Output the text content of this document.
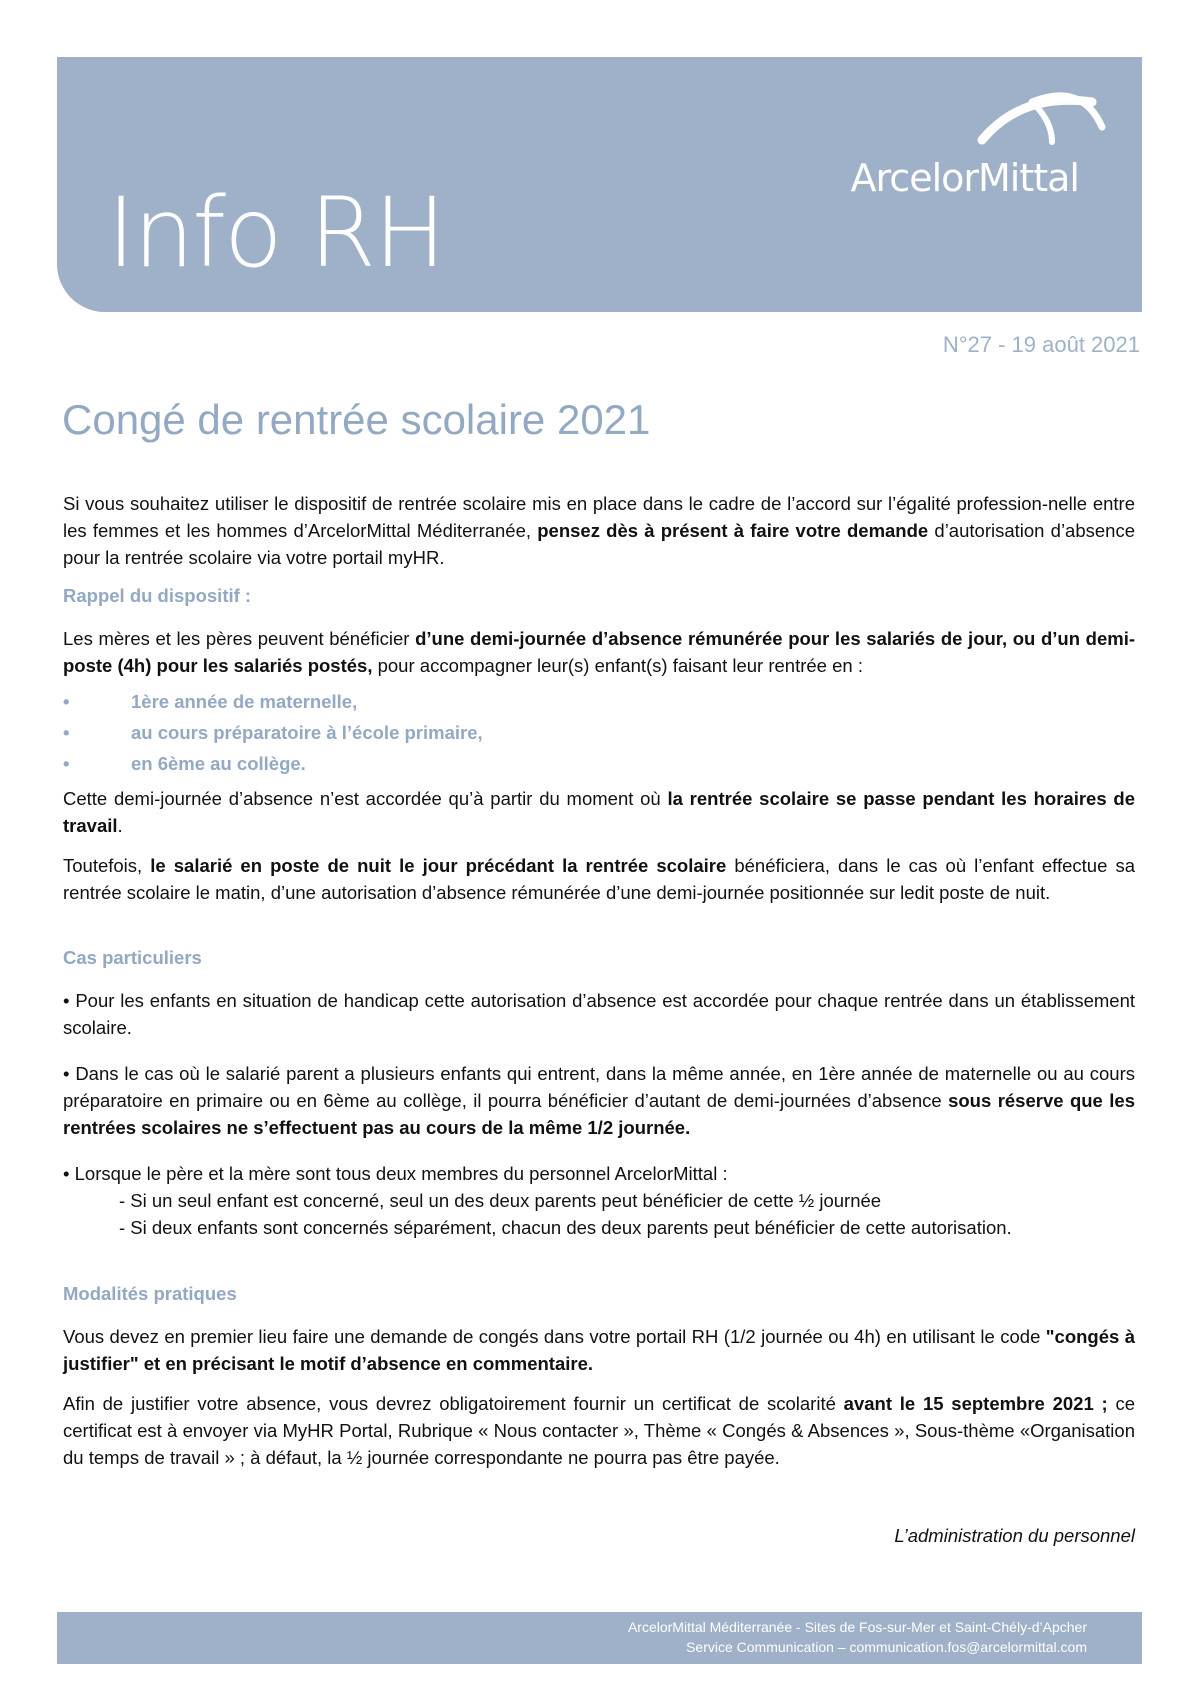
Info RH	ArcelorMittal
N°27 - 19 août 2021
Congé de rentrée scolaire 2021
Si vous souhaitez utiliser le dispositif de rentrée scolaire mis en place dans le cadre de l’accord sur l’égalité profession-nelle entre les femmes et les hommes d’ArcelorMittal Méditerranée, pensez dès à présent à faire votre demande d’autorisation d’absence pour la rentrée scolaire via votre portail myHR.
Rappel du dispositif :
Les mères et les pères peuvent bénéficier d’une demi-journée d’absence rémunérée pour les salariés de jour, ou d’un demi-poste (4h) pour les salariés postés, pour accompagner leur(s) enfant(s) faisant leur rentrée en :
•	1ère année de maternelle,
•	au cours préparatoire à l’école primaire,
•	en 6ème au collège.
Cette demi-journée d’absence n’est accordée qu’à partir du moment où la rentrée scolaire se passe pendant les horaires de travail.
Toutefois, le salarié en poste de nuit le jour précédant la rentrée scolaire bénéficiera, dans le cas où l’enfant effectue sa rentrée scolaire le matin, d’une autorisation d’absence rémunérée d’une demi-journée positionnée sur ledit poste de nuit.
Cas particuliers
• Pour les enfants en situation de handicap cette autorisation d’absence est accordée pour chaque rentrée dans un établissement scolaire.
• Dans le cas où le salarié parent a plusieurs enfants qui entrent, dans la même année, en 1ère année de maternelle ou au cours préparatoire en primaire ou en 6ème au collège, il pourra bénéficier d’autant de demi-journées d’absence sous réserve que les rentrées scolaires ne s’effectuent pas au cours de la même 1/2 journée.
• Lorsque le père et la mère sont tous deux membres du personnel ArcelorMittal :
- Si un seul enfant est concerné, seul un des deux parents peut bénéficier de cette ½ journée
- Si deux enfants sont concernés séparément, chacun des deux parents peut bénéficier de cette autorisation.
Modalités pratiques
Vous devez en premier lieu faire une demande de congés dans votre portail RH (1/2 journée ou 4h) en utilisant le code "congés à justifier" et en précisant le motif d’absence en commentaire.
Afin de justifier votre absence, vous devrez obligatoirement fournir un certificat de scolarité avant le 15 septembre 2021 ; ce certificat est à envoyer via MyHR Portal, Rubrique « Nous contacter », Thème « Congés & Absences », Sous-thème «Organisation du temps de travail » ; à défaut, la ½ journée correspondante ne pourra pas être payée.
L’administration du personnel
ArcelorMittal Méditerranée - Sites de Fos-sur-Mer et Saint-Chély-d’Apcher
Service Communication – communication.fos@arcelormittal.com
